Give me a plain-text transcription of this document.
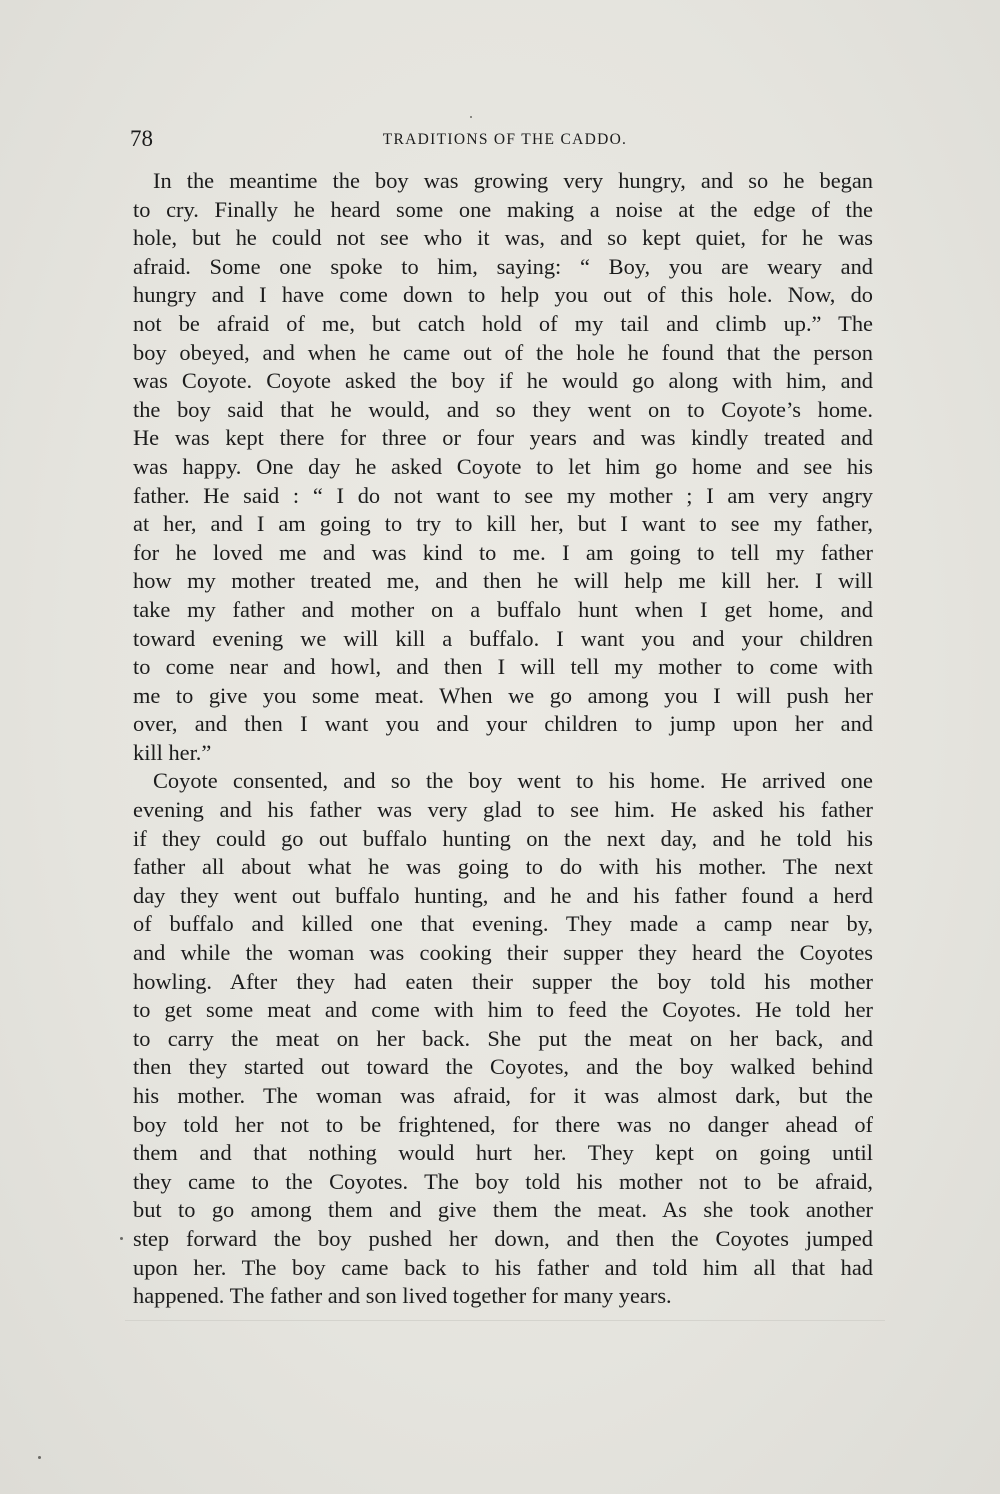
78	TRADITIONS OF THE CADDO.
In the meantime the boy was growing very hungry, and so he began
to cry. Finally he heard some one making a noise at the edge of the
hole, but he could not see who it was, and so kept quiet, for he was
afraid. Some one spoke to him, saying: “ Boy, you are weary and
hungry and I have come down to help you out of this hole. Now, do
not be afraid of me, but catch hold of my tail and climb up.” The
boy obeyed, and when he came out of the hole he found that the person
was Coyote. Coyote asked the boy if he would go along with him, and
the boy said that he would, and so they went on to Coyote’s home.
He was kept there for three or four years and was kindly treated and
was happy. One day he asked Coyote to let him go home and see his
father. He said : “ I do not want to see my mother ; I am very angry
at her, and I am going to try to kill her, but I want to see my father,
for he loved me and was kind to me. I am going to tell my father
how my mother treated me, and then he will help me kill her. I will
take my father and mother on a buffalo hunt when I get home, and
toward evening we will kill a buffalo. I want you and your children
to come near and howl, and then I will tell my mother to come with
me to give you some meat. When we go among you I will push her
over, and then I want you and your children to jump upon her and
kill her.”
Coyote consented, and so the boy went to his home. He arrived one
evening and his father was very glad to see him. He asked his father
if they could go out buffalo hunting on the next day, and he told his
father all about what he was going to do with his mother. The next
day they went out buffalo hunting, and he and his father found a herd
of buffalo and killed one that evening. They made a camp near by,
and while the woman was cooking their supper they heard the Coyotes
howling. After they had eaten their supper the boy told his mother
to get some meat and come with him to feed the Coyotes. He told her
to carry the meat on her back. She put the meat on her back, and
then they started out toward the Coyotes, and the boy walked behind
his mother. The woman was afraid, for it was almost dark, but the
boy told her not to be frightened, for there was no danger ahead of
them and that nothing would hurt her. They kept on going until
they came to the Coyotes. The boy told his mother not to be afraid,
but to go among them and give them the meat. As she took another
step forward the boy pushed her down, and then the Coyotes jumped
upon her. The boy came back to his father and told him all that had
happened. The father and son lived together for many years.
